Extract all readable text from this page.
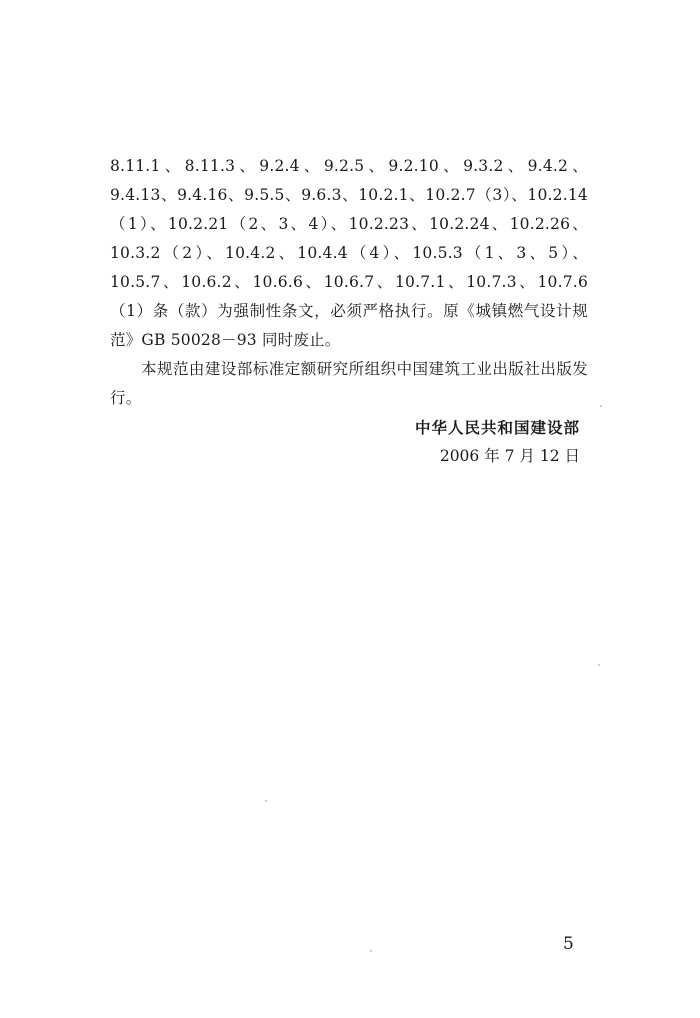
8.11.1、8.11.3、9.2.4、9.2.5、9.2.10、9.3.2、9.4.2、9.4.13、9.4.16、9.5.5、9.6.3、10.2.1、10.2.7（3）、10.2.14（1）、10.2.21（2、3、4）、10.2.23、10.2.24、10.2.26、10.3.2（2）、10.4.2、10.4.4（4）、10.5.3（1、3、5）、10.5.7、10.6.2、10.6.6、10.6.7、10.7.1、10.7.3、10.7.6（1）条（款）为强制性条文，必须严格执行。原《城镇燃气设计规范》GB 50028－93 同时废止。

本规范由建设部标准定额研究所组织中国建筑工业出版社出版发行。

中华人民共和国建设部
2006 年 7 月 12 日
5
